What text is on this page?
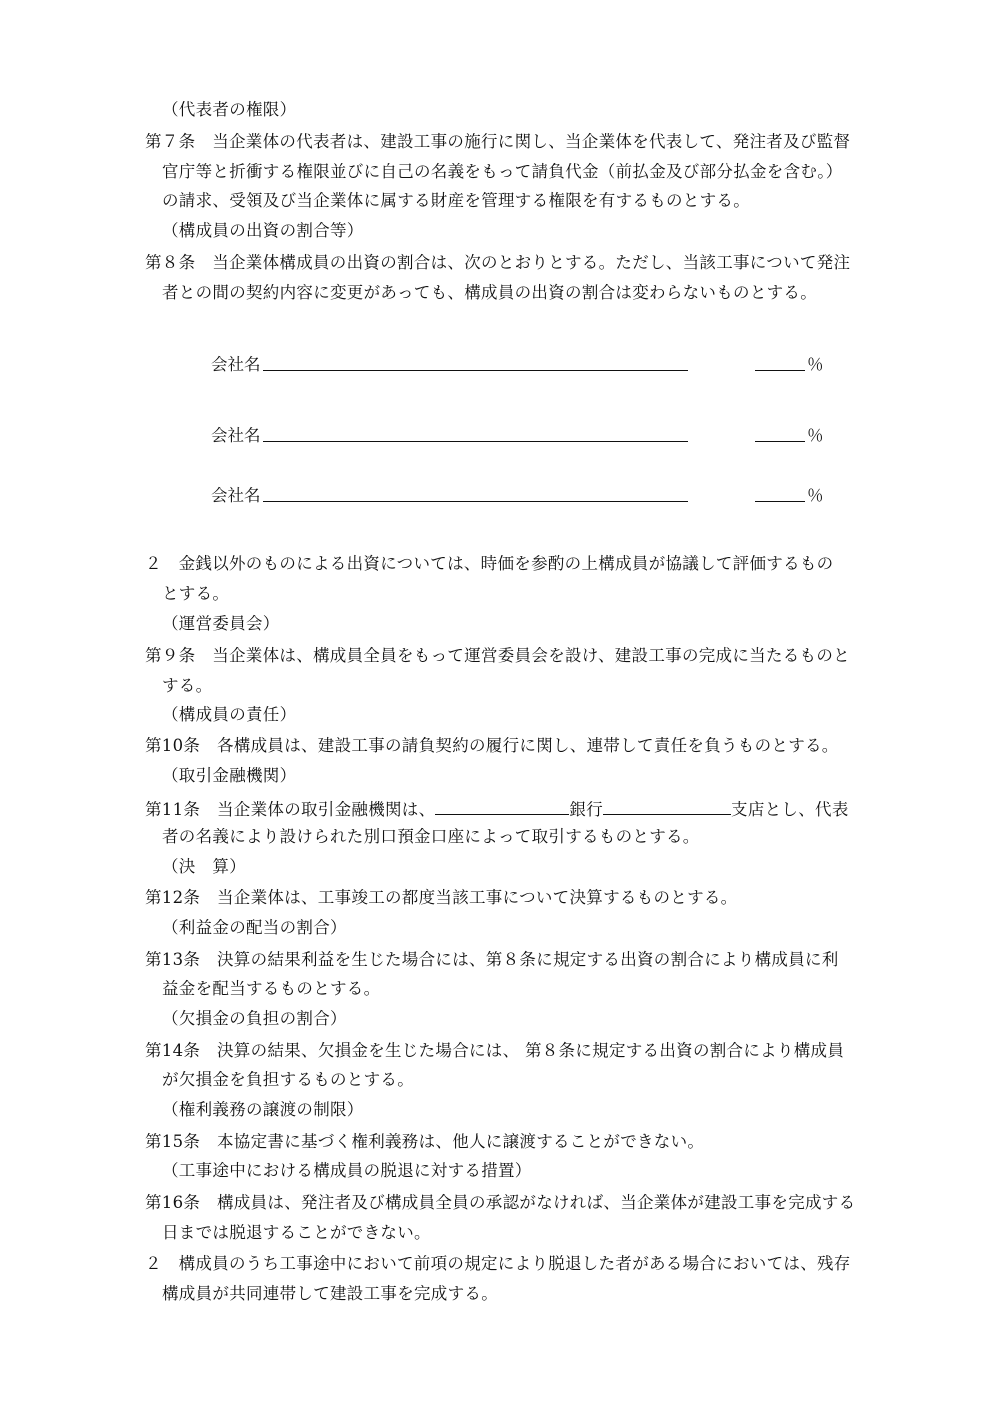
（代表者の権限）
第７条　当企業体の代表者は、建設工事の施行に関し、当企業体を代表して、発注者及び監督
官庁等と折衝する権限並びに自己の名義をもって請負代金（前払金及び部分払金を含む。）
の請求、受領及び当企業体に属する財産を管理する権限を有するものとする。
（構成員の出資の割合等）
第８条　当企業体構成員の出資の割合は、次のとおりとする。ただし、当該工事について発注
者との間の契約内容に変更があっても、構成員の出資の割合は変わらないものとする。
会社名	％
会社名	％
会社名	％
２　金銭以外のものによる出資については、時価を参酌の上構成員が協議して評価するもの
とする。
（運営委員会）
第９条　当企業体は、構成員全員をもって運営委員会を設け、建設工事の完成に当たるものと
する。
（構成員の責任）
第10条　各構成員は、建設工事の請負契約の履行に関し、連帯して責任を負うものとする。
（取引金融機関）
第11条　当企業体の取引金融機関は、	銀行	支店とし、代表
者の名義により設けられた別口預金口座によって取引するものとする。
（決　算）
第12条　当企業体は、工事竣工の都度当該工事について決算するものとする。
（利益金の配当の割合）
第13条　決算の結果利益を生じた場合には、第８条に規定する出資の割合により構成員に利
益金を配当するものとする。
（欠損金の負担の割合）
第14条　決算の結果、欠損金を生じた場合には、 第８条に規定する出資の割合により構成員
が欠損金を負担するものとする。
（権利義務の譲渡の制限）
第15条　本協定書に基づく権利義務は、他人に譲渡することができない。
（工事途中における構成員の脱退に対する措置）
第16条　構成員は、発注者及び構成員全員の承認がなければ、当企業体が建設工事を完成する
日までは脱退することができない。
２　構成員のうち工事途中において前項の規定により脱退した者がある場合においては、残存
構成員が共同連帯して建設工事を完成する。
